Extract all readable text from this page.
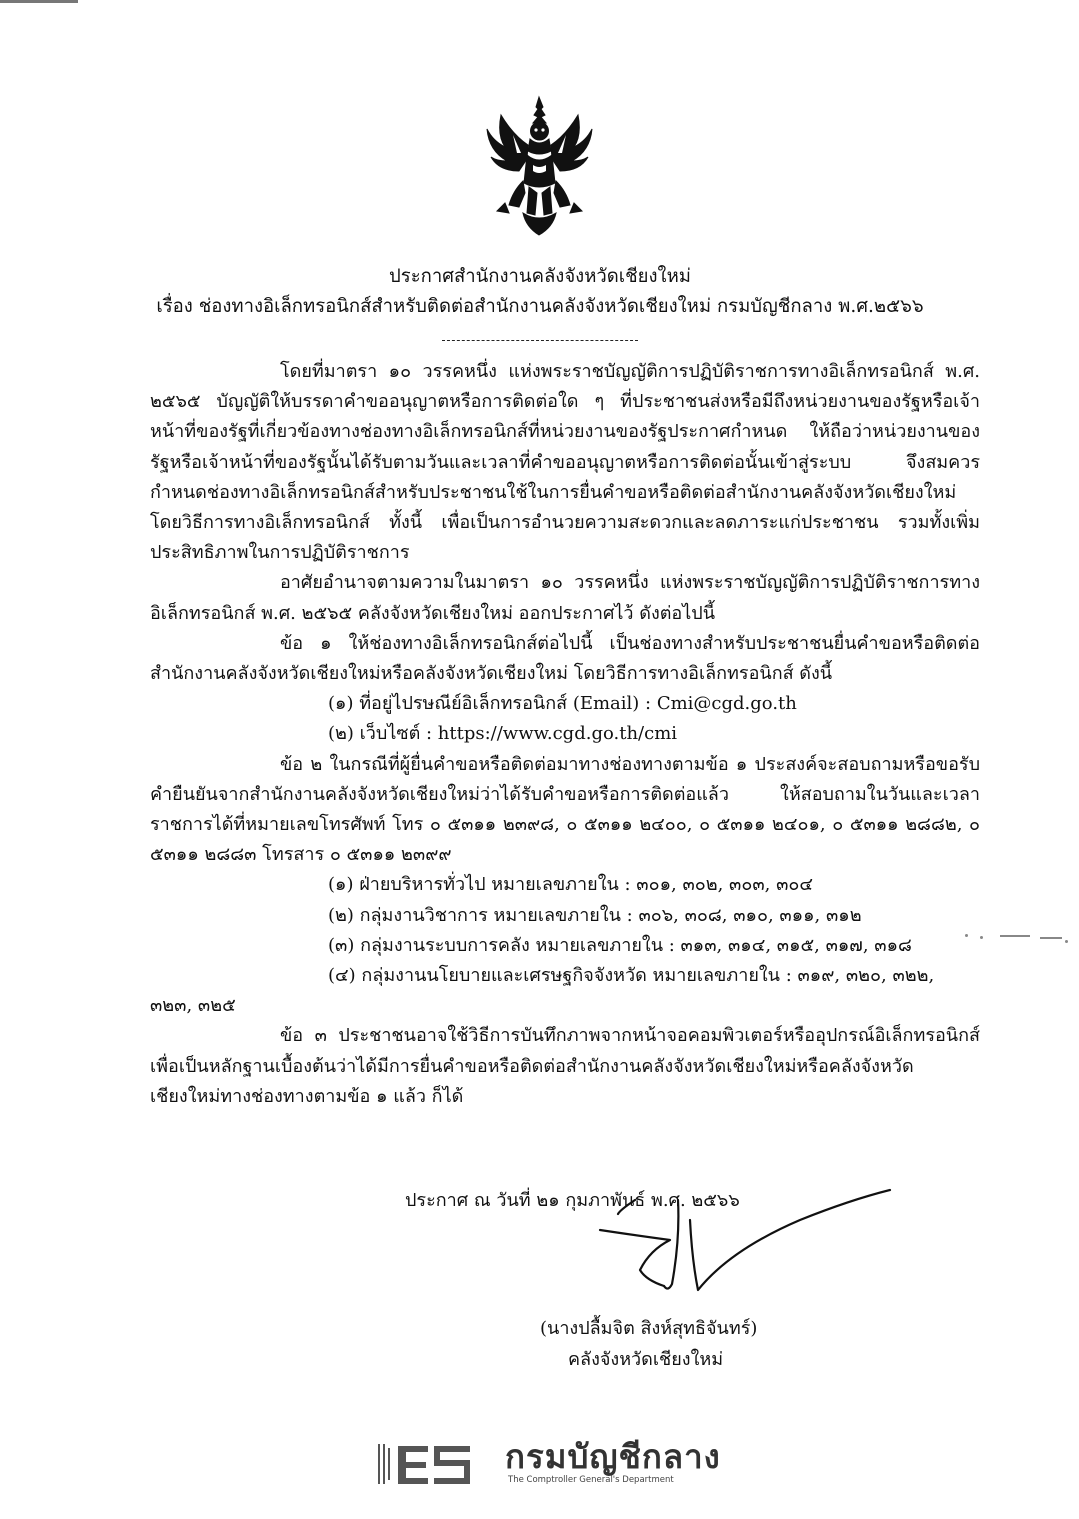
ประกาศสำนักงานคลังจังหวัดเชียงใหม่
เรื่อง ช่องทางอิเล็กทรอนิกส์สำหรับติดต่อสำนักงานคลังจังหวัดเชียงใหม่ กรมบัญชีกลาง พ.ศ.๒๕๖๖

โดยที่มาตรา ๑๐ วรรคหนึ่ง แห่งพระราชบัญญัติการปฏิบัติราชการทางอิเล็กทรอนิกส์ พ.ศ. ๒๕๖๕ บัญญัติให้บรรดาคำขออนุญาตหรือการติดต่อใด ๆ ที่ประชาชนส่งหรือมีถึงหน่วยงานของรัฐหรือเจ้าหน้าที่ของรัฐที่เกี่ยวข้องทางช่องทางอิเล็กทรอนิกส์ที่หน่วยงานของรัฐประกาศกำหนด ให้ถือว่าหน่วยงานของรัฐหรือเจ้าหน้าที่ของรัฐนั้นได้รับตามวันและเวลาที่คำขออนุญาตหรือการติดต่อนั้นเข้าสู่ระบบ จึงสมควรกำหนดช่องทางอิเล็กทรอนิกส์สำหรับประชาชนใช้ในการยื่นคำขอหรือติดต่อสำนักงานคลังจังหวัดเชียงใหม่ โดยวิธีการทางอิเล็กทรอนิกส์ ทั้งนี้ เพื่อเป็นการอำนวยความสะดวกและลดภาระแก่ประชาชน รวมทั้งเพิ่มประสิทธิภาพในการปฏิบัติราชการ

อาศัยอำนาจตามความในมาตรา ๑๐ วรรคหนึ่ง แห่งพระราชบัญญัติการปฏิบัติราชการทางอิเล็กทรอนิกส์ พ.ศ. ๒๕๖๕ คลังจังหวัดเชียงใหม่ ออกประกาศไว้ ดังต่อไปนี้

ข้อ ๑ ให้ช่องทางอิเล็กทรอนิกส์ต่อไปนี้ เป็นช่องทางสำหรับประชาชนยื่นคำขอหรือติดต่อสำนักงานคลังจังหวัดเชียงใหม่หรือคลังจังหวัดเชียงใหม่ โดยวิธีการทางอิเล็กทรอนิกส์ ดังนี้

(๑) ที่อยู่ไปรษณีย์อิเล็กทรอนิกส์ (Email) : Cmi@cgd.go.th

(๒) เว็บไซต์ : https://www.cgd.go.th/cmi

ข้อ ๒ ในกรณีที่ผู้ยื่นคำขอหรือติดต่อมาทางช่องทางตามข้อ ๑ ประสงค์จะสอบถามหรือขอรับคำยืนยันจากสำนักงานคลังจังหวัดเชียงใหม่ว่าได้รับคำขอหรือการติดต่อแล้ว ให้สอบถามในวันและเวลาราชการได้ที่หมายเลขโทรศัพท์ โทร ๐ ๕๓๑๑ ๒๓๙๘, ๐ ๕๓๑๑ ๒๔๐๐, ๐ ๕๓๑๑ ๒๔๐๑, ๐ ๕๓๑๑ ๒๘๘๒, ๐ ๕๓๑๑ ๒๘๘๓ โทรสาร ๐ ๕๓๑๑ ๒๓๙๙

(๑) ฝ่ายบริหารทั่วไป หมายเลขภายใน : ๓๐๑, ๓๐๒, ๓๐๓, ๓๐๔

(๒) กลุ่มงานวิชาการ หมายเลขภายใน : ๓๐๖, ๓๐๘, ๓๑๐, ๓๑๑, ๓๑๒

(๓) กลุ่มงานระบบการคลัง หมายเลขภายใน : ๓๑๓, ๓๑๔, ๓๑๕, ๓๑๗, ๓๑๘

(๔) กลุ่มงานนโยบายและเศรษฐกิจจังหวัด หมายเลขภายใน : ๓๑๙, ๓๒๐, ๓๒๒,

๓๒๓, ๓๒๕

ข้อ ๓ ประชาชนอาจใช้วิธีการบันทึกภาพจากหน้าจอคอมพิวเตอร์หรืออุปกรณ์อิเล็กทรอนิกส์เพื่อเป็นหลักฐานเบื้องต้นว่าได้มีการยื่นคำขอหรือติดต่อสำนักงานคลังจังหวัดเชียงใหม่หรือคลังจังหวัดเชียงใหม่ทางช่องทางตามข้อ ๑ แล้ว ก็ได้

ประกาศ ณ วันที่ ๒๑ กุมภาพันธ์ พ.ศ. ๒๕๖๖
(นางปลื้มจิต สิงห์สุทธิจันทร์)
คลังจังหวัดเชียงใหม่
กรมบัญชีกลาง
The Comptroller General's Department
